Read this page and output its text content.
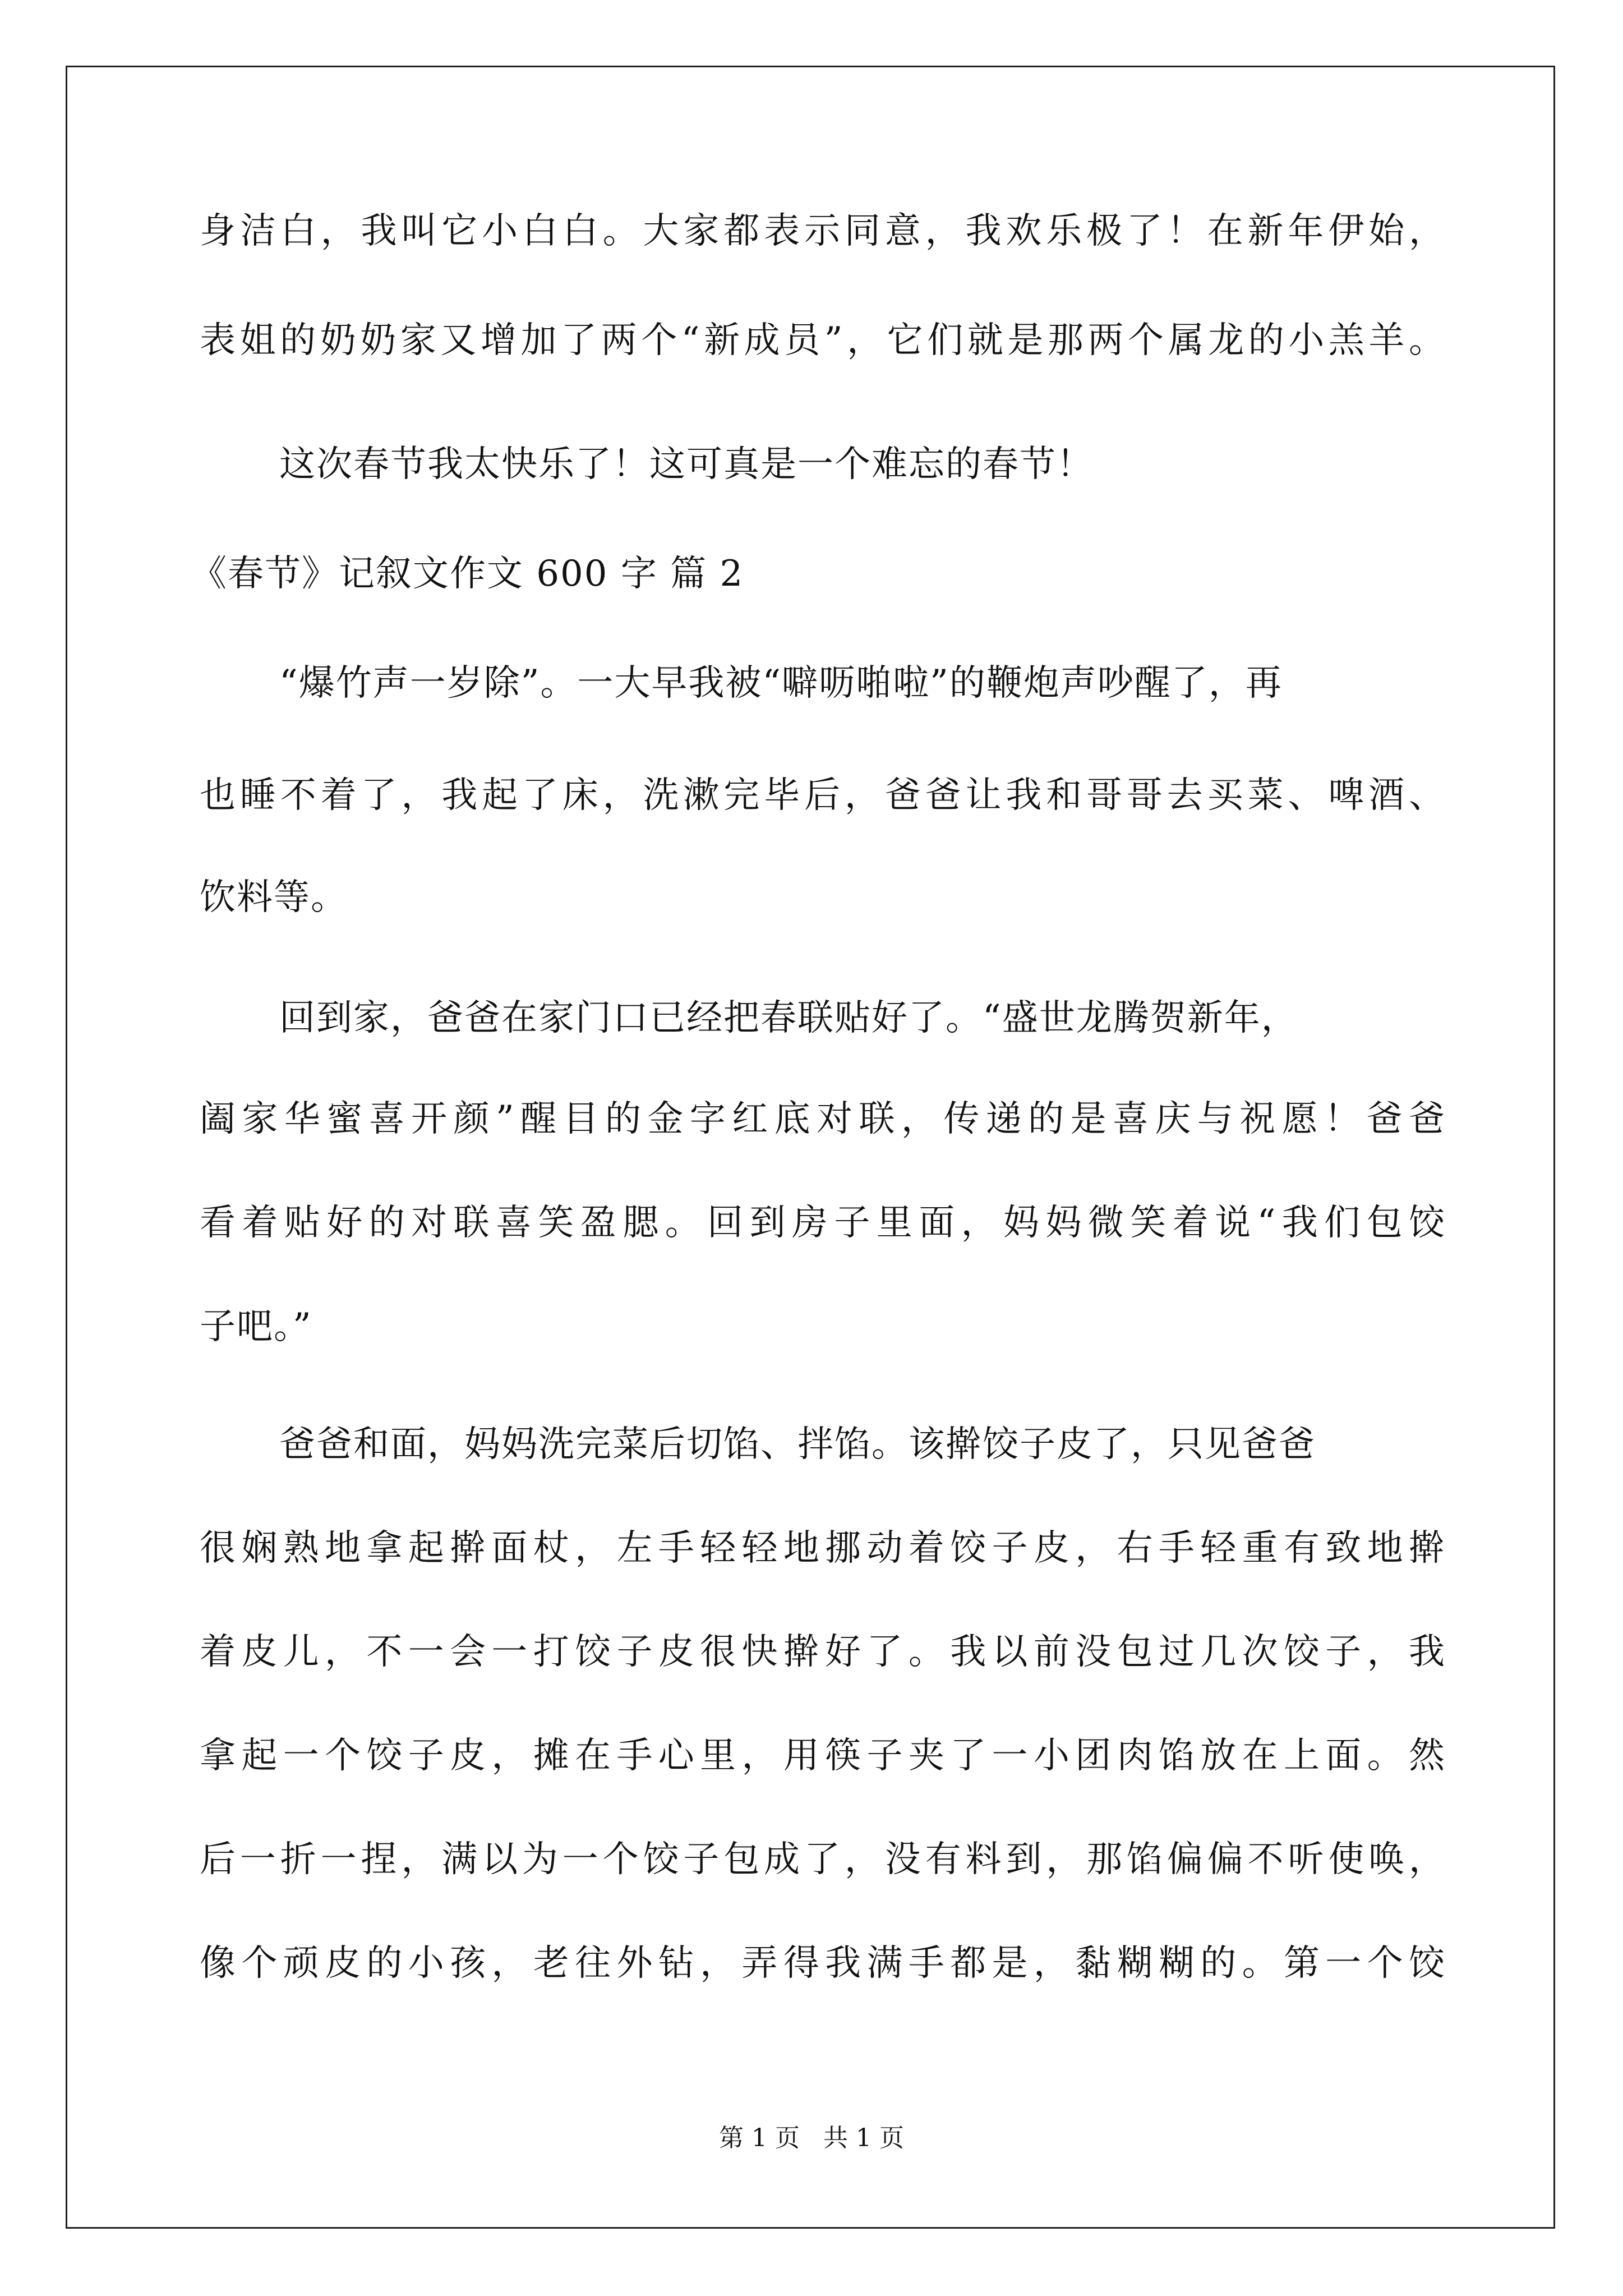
身洁白，我叫它小白白。大家都表示同意，我欢乐极了！在新年伊始，
表姐的奶奶家又增加了两个“新成员”，它们就是那两个属龙的小羔羊。
这次春节我太快乐了！这可真是一个难忘的春节！
《春节》记叙文作文 600 字 篇 2
“爆竹声一岁除”。一大早我被“噼呖啪啦”的鞭炮声吵醒了，再
也睡不着了，我起了床，洗漱完毕后，爸爸让我和哥哥去买菜、啤酒、
饮料等。
回到家，爸爸在家门口已经把春联贴好了。“盛世龙腾贺新年，
阖家华蜜喜开颜”醒目的金字红底对联，传递的是喜庆与祝愿！爸爸
看着贴好的对联喜笑盈腮。回到房子里面，妈妈微笑着说“我们包饺
子吧。”
爸爸和面，妈妈洗完菜后切馅、拌馅。该擀饺子皮了，只见爸爸
很娴熟地拿起擀面杖，左手轻轻地挪动着饺子皮，右手轻重有致地擀
着皮儿，不一会一打饺子皮很快擀好了。我以前没包过几次饺子，我
拿起一个饺子皮，摊在手心里，用筷子夹了一小团肉馅放在上面。然
后一折一捏，满以为一个饺子包成了，没有料到，那馅偏偏不听使唤，
像个顽皮的小孩，老往外钻，弄得我满手都是，黏糊糊的。第一个饺
第 1 页   共 1 页
